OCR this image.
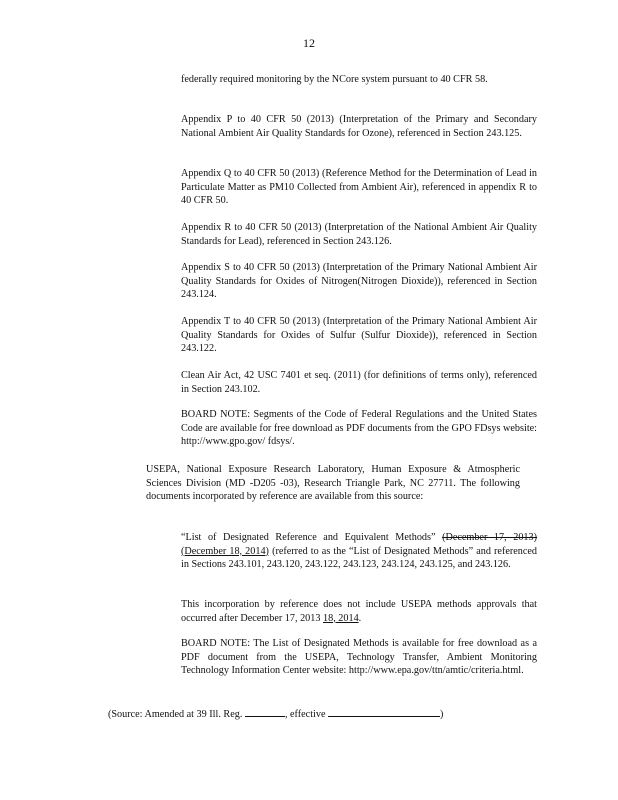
12
federally required monitoring by the NCore system pursuant to 40 CFR 58.
Appendix P to 40 CFR 50 (2013) (Interpretation of the Primary and Secondary National Ambient Air Quality Standards for Ozone), referenced in Section 243.125.
Appendix Q to 40 CFR 50 (2013) (Reference Method for the Determination of Lead in Particulate Matter as PM10 Collected from Ambient Air), referenced in appendix R to 40 CFR 50.
Appendix R to 40 CFR 50 (2013) (Interpretation of the National Ambient Air Quality Standards for Lead), referenced in Section 243.126.
Appendix S to 40 CFR 50 (2013) (Interpretation of the Primary National Ambient Air Quality Standards for Oxides of Nitrogen(Nitrogen Dioxide)), referenced in Section 243.124.
Appendix T to 40 CFR 50 (2013) (Interpretation of the Primary National Ambient Air Quality Standards for Oxides of Sulfur (Sulfur Dioxide)), referenced in Section 243.122.
Clean Air Act, 42 USC 7401 et seq. (2011) (for definitions of terms only), referenced in Section 243.102.
BOARD NOTE: Segments of the Code of Federal Regulations and the United States Code are available for free download as PDF documents from the GPO FDsys website: http://www.gpo.gov/ fdsys/.
USEPA, National Exposure Research Laboratory, Human Exposure & Atmospheric Sciences Division (MD -D205 -03), Research Triangle Park, NC 27711. The following documents incorporated by reference are available from this source:
“List of Designated Reference and Equivalent Methods” (December 17, 2013) (December 18, 2014) (referred to as the “List of Designated Methods” and referenced in Sections 243.101, 243.120, 243.122, 243.123, 243.124, 243.125, and 243.126.
This incorporation by reference does not include USEPA methods approvals that occurred after December 17, 2013 18, 2014.
BOARD NOTE: The List of Designated Methods is available for free download as a PDF document from the USEPA, Technology Transfer, Ambient Monitoring Technology Information Center website: http://www.epa.gov/ttn/amtic/criteria.html.
(Source: Amended at 39 Ill. Reg.	, effective	)
